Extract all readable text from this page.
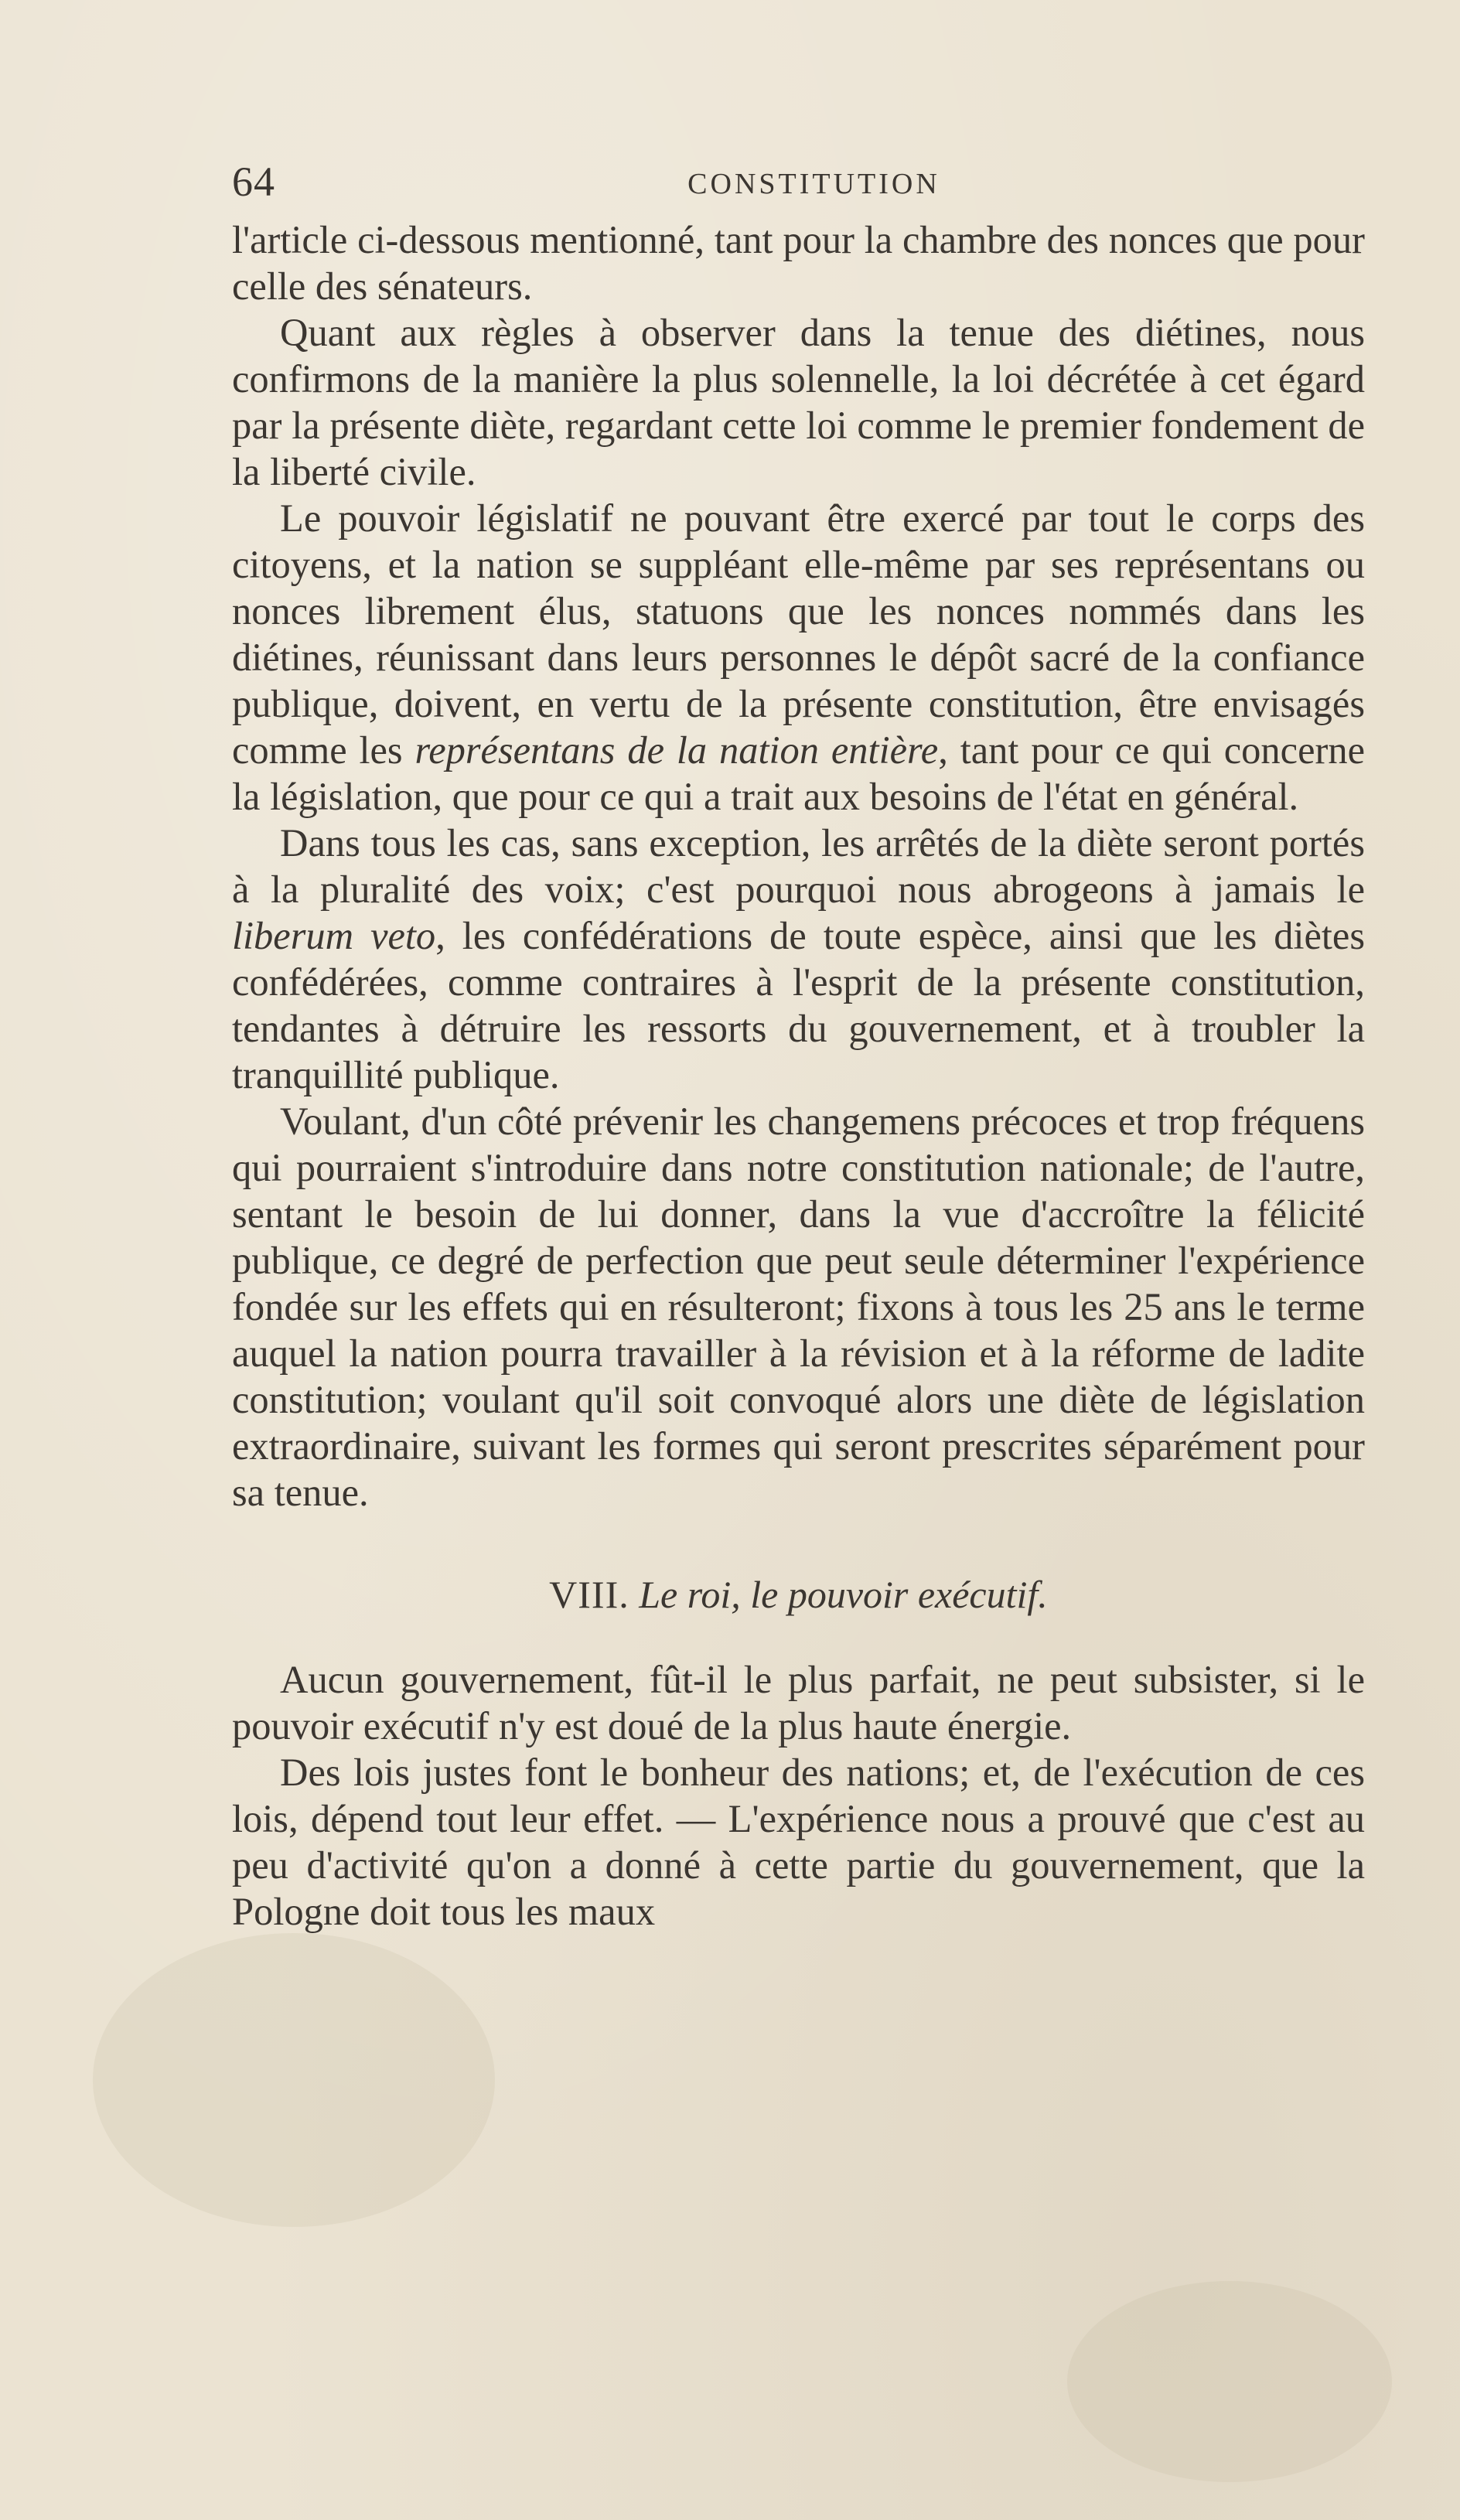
64	CONSTITUTION

l'article ci-dessous mentionné, tant pour la chambre des nonces que pour celle des sénateurs.

Quant aux règles à observer dans la tenue des diétines, nous confirmons de la manière la plus solennelle, la loi décrétée à cet égard par la présente diète, regardant cette loi comme le premier fondement de la liberté civile.

Le pouvoir législatif ne pouvant être exercé par tout le corps des citoyens, et la nation se suppléant elle-même par ses représentans ou nonces librement élus, statuons que les nonces nommés dans les diétines, réunissant dans leurs personnes le dépôt sacré de la confiance publique, doivent, en vertu de la présente constitution, être envisagés comme les représentans de la nation entière, tant pour ce qui concerne la législation, que pour ce qui a trait aux besoins de l'état en général.

Dans tous les cas, sans exception, les arrêtés de la diète seront portés à la pluralité des voix; c'est pourquoi nous abrogeons à jamais le liberum veto, les confédérations de toute espèce, ainsi que les diètes confédérées, comme contraires à l'esprit de la présente constitution, tendantes à détruire les ressorts du gouvernement, et à troubler la tranquillité publique.

Voulant, d'un côté prévenir les changemens précoces et trop fréquens qui pourraient s'introduire dans notre constitution nationale; de l'autre, sentant le besoin de lui donner, dans la vue d'accroître la félicité publique, ce degré de perfection que peut seule déterminer l'expérience fondée sur les effets qui en résulteront; fixons à tous les 25 ans le terme auquel la nation pourra travailler à la révision et à la réforme de ladite constitution; voulant qu'il soit convoqué alors une diète de législation extraordinaire, suivant les formes qui seront prescrites séparément pour sa tenue.

VIII. Le roi, le pouvoir exécutif.

Aucun gouvernement, fût-il le plus parfait, ne peut subsister, si le pouvoir exécutif n'y est doué de la plus haute énergie.

Des lois justes font le bonheur des nations; et, de l'exécution de ces lois, dépend tout leur effet. — L'expérience nous a prouvé que c'est au peu d'activité qu'on a donné à cette partie du gouvernement, que la Pologne doit tous les maux
